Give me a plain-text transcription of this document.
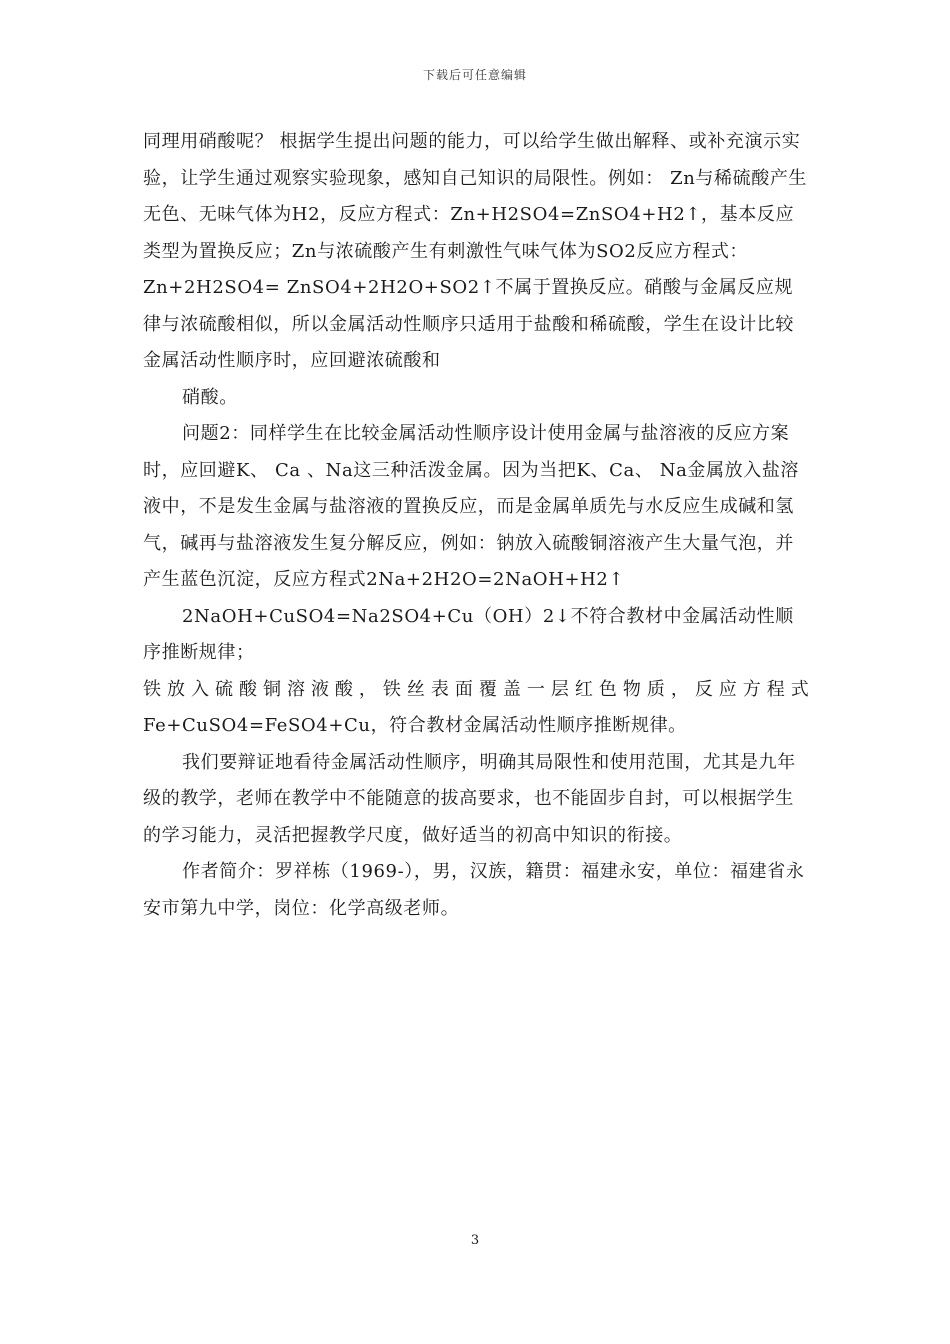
下载后可任意编辑

同理用硝酸呢？ 根据学生提出问题的能力，可以给学生做出解释、或补充演示实验，让学生通过观察实验现象，感知自己知识的局限性。例如： Zn与稀硫酸产生无色、无味气体为H2，反应方程式：Zn+H2SO4=ZnSO4+H2↑，基本反应类型为置换反应；Zn与浓硫酸产生有刺激性气味气体为SO2反应方程式：Zn+2H2SO4= ZnSO4+2H2O+SO2↑不属于置换反应。硝酸与金属反应规律与浓硫酸相似，所以金属活动性顺序只适用于盐酸和稀硫酸，学生在设计比较金属活动性顺序时，应回避浓硫酸和

硝酸。

问题2：同样学生在比较金属活动性顺序设计使用金属与盐溶液的反应方案时，应回避K、 Ca 、Na这三种活泼金属。因为当把K、Ca、 Na金属放入盐溶液中，不是发生金属与盐溶液的置换反应，而是金属单质先与水反应生成碱和氢气，碱再与盐溶液发生复分解反应，例如：钠放入硫酸铜溶液产生大量气泡，并产生蓝色沉淀，反应方程式2Na+2H2O=2NaOH+H2↑

2NaOH+CuSO4=Na2SO4+Cu（OH）2↓不符合教材中金属活动性顺序推断规律；

铁放入硫酸铜溶液酸，铁丝表面覆盖一层红色物质，反应方程式

Fe+CuSO4=FeSO4+Cu，符合教材金属活动性顺序推断规律。

我们要辩证地看待金属活动性顺序，明确其局限性和使用范围，尤其是九年级的教学，老师在教学中不能随意的拔高要求，也不能固步自封，可以根据学生的学习能力，灵活把握教学尺度，做好适当的初高中知识的衔接。

作者简介：罗祥栋（1969-），男，汉族，籍贯：福建永安，单位：福建省永安市第九中学，岗位：化学高级老师。

3
